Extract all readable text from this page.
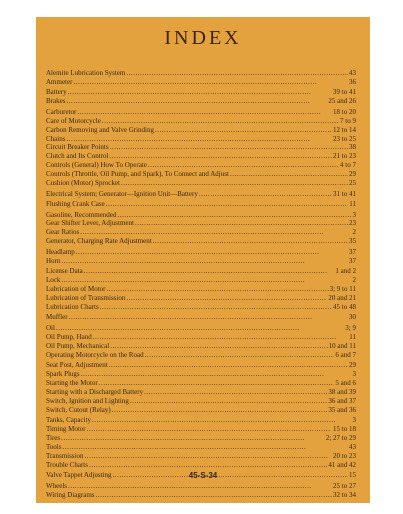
INDEX
Alemite Lubrication System . . .	43
Ammeter . . .	36
Battery . . .	39 to 41
Brakes . . .	25 and 26
Carburetor . . .	18 to 20
Care of Motorcycle . . .	7 to 9
Carbon Removing and Valve Grinding . . .	12 to 14
Chains . . .	23 to 25
Circuit Breaker Points . . .	38
Clutch and Its Control . . .	21 to 23
Controls (General) How To Operate . . .	4 to 7
Controls (Throttle, Oil Pump, and Spark), To Connect and Adjust . . .	29
Cushion (Motor) Sprocket . . .	25
Electrical System; Generator—Ignition Unit—Battery . . .	31 to 41
Flushing Crank Case . . .	11
Gasoline, Recommended . . .	3
Gear Shifter Lever, Adjustment . . .	23
Gear Ratios . . .	2
Generator, Charging Rate Adjustment . . .	35
Headlamp . . .	37
Horn . . .	37
License Data . . .	1 and 2
Lock . . .	2
Lubrication of Motor . . .	3; 9 to 11
Lubrication of Transmission . . .	20 and 21
Lubrication Charts . . .	45 to 48
Muffler . . .	30
Oil . . .	3; 9
Oil Pump, Hand . . .	11
Oil Pump, Mechanical . . .	10 and 11
Operating Motorcycle on the Road . . .	6 and 7
Seat Post, Adjustment . . .	29
Spark Plugs . . .	3
Starting the Motor . . .	5 and 6
Starting with a Discharged Battery . . .	38 and 39
Switch, Ignition and Lighting . . .	36 and 37
Switch, Cutout (Relay) . . .	35 and 36
Tanks, Capacity . . .	3
Timing Motor . . .	15 to 18
Tires . . .	2; 27 to 29
Tools . . .	43
Transmission . . .	20 to 23
Trouble Charts . . .	41 and 42
Valve Tappet Adjusting . . .	15
Wheels . . .	25 to 27
Wiring Diagrams . . .	32 to 34
45-S-34
